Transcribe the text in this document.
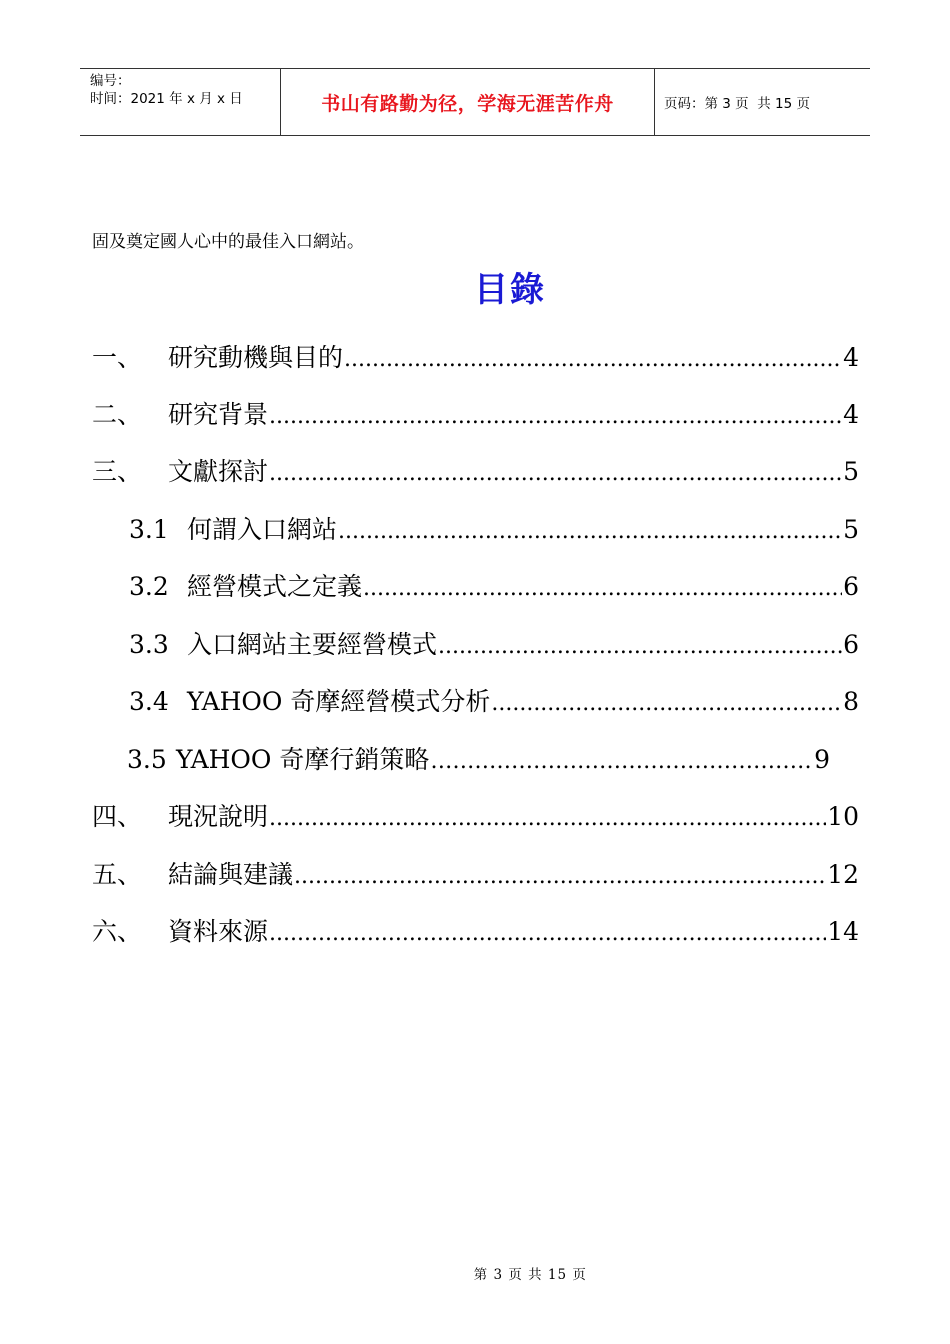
编号：
时间：2021 年 x 月 x 日	书山有路勤为径，学海无涯苦作舟	页码：第 3 页  共 15 页
固及奠定國人心中的最佳入口網站。
目錄
一、	研究動機與目的 .....	4
二、	研究背景 .....	4
三、	文獻探討 .....	5
3.1 何謂入口網站 .....	5
3.2 經營模式之定義 .....	6
3.3 入口網站主要經營模式 .....	6
3.4 YAHOO 奇摩經營模式分析 .....	8
3.5 YAHOO 奇摩行銷策略 ……………………………………………………………………………………………	9
四、	現況說明 .....	10
五、	結論與建議 .....	12
六、	資料來源 .....	14

第 3 页 共 15 页
